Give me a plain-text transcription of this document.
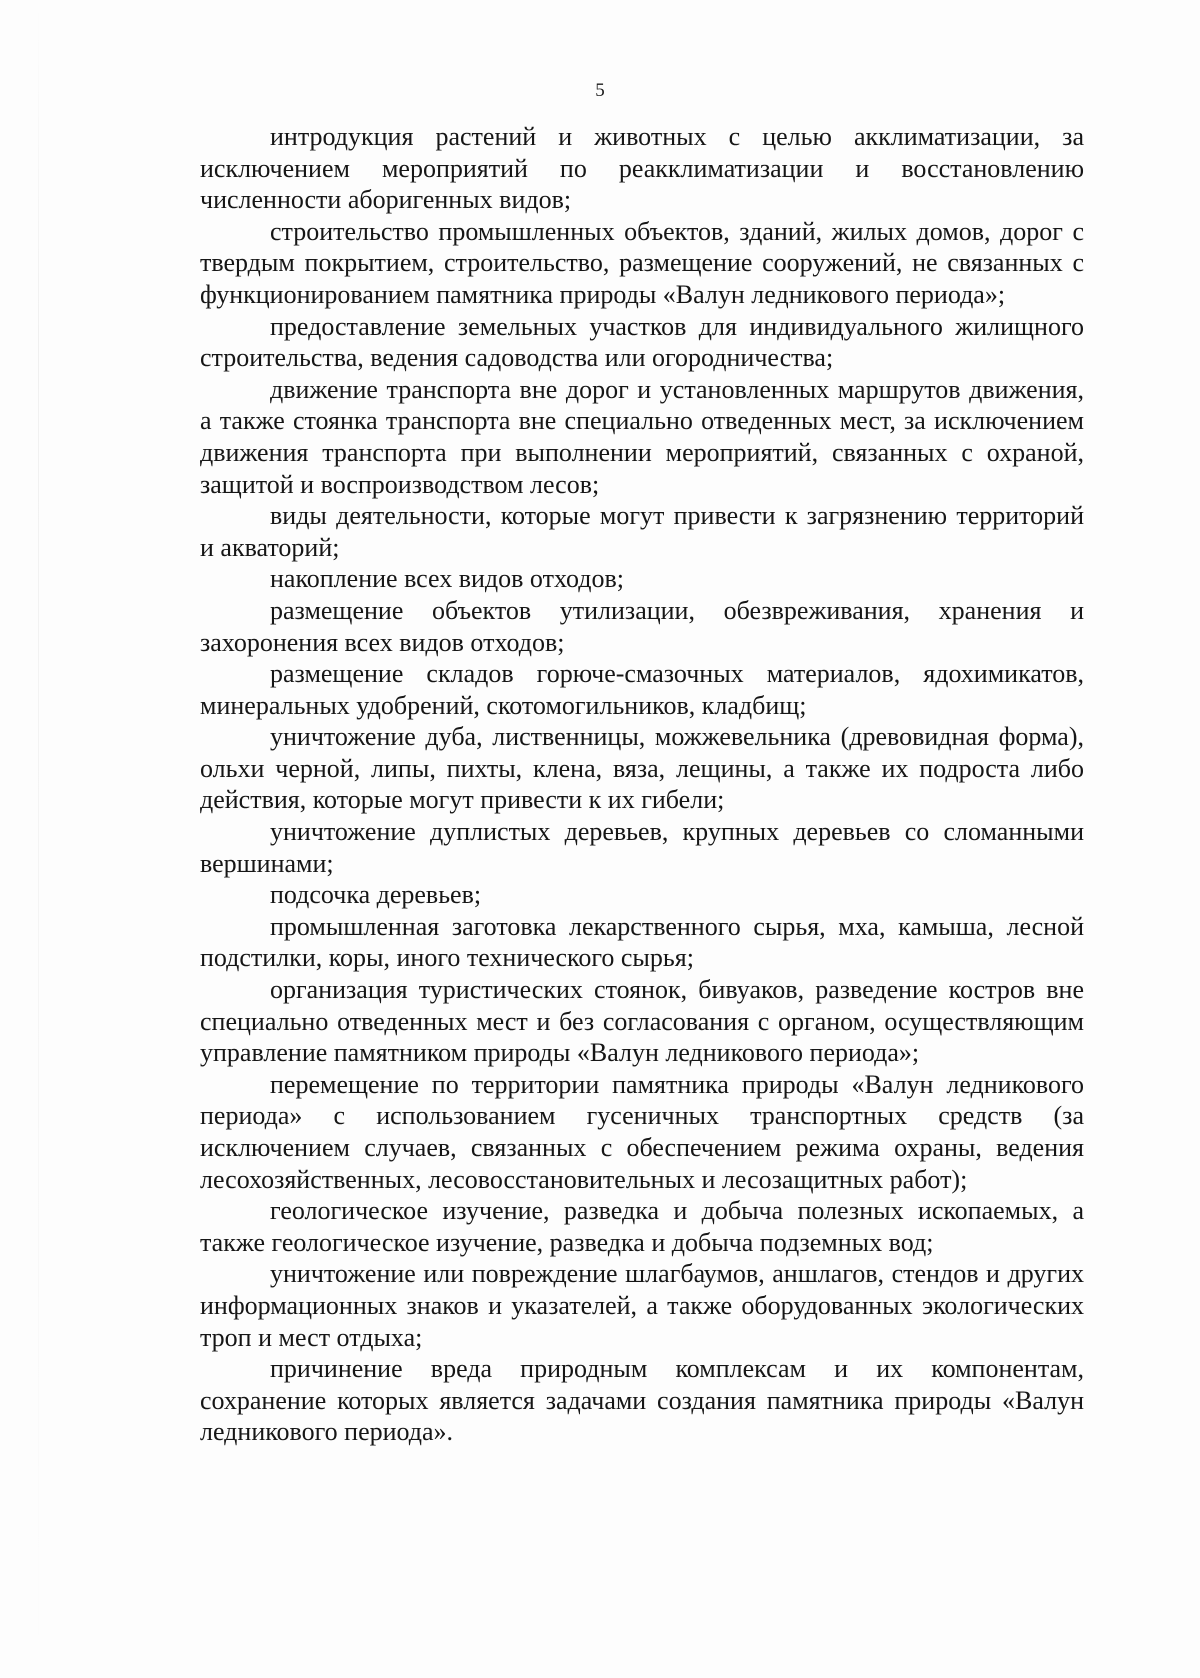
5

интродукция растений и животных с целью акклиматизации, за исключением мероприятий по реакклиматизации и восстановлению численности аборигенных видов;

строительство промышленных объектов, зданий, жилых домов, дорог с твердым покрытием, строительство, размещение сооружений, не связанных с функционированием памятника природы «Валун ледникового периода»;

предоставление земельных участков для индивидуального жилищного строительства, ведения садоводства или огородничества;

движение транспорта вне дорог и установленных маршрутов движения, а также стоянка транспорта вне специально отведенных мест, за исключением движения транспорта при выполнении мероприятий, связанных с охраной, защитой и воспроизводством лесов;

виды деятельности, которые могут привести к загрязнению территорий и акваторий;

накопление всех видов отходов;

размещение объектов утилизации, обезвреживания, хранения и захоронения всех видов отходов;

размещение складов горюче-смазочных материалов, ядохимикатов, минеральных удобрений, скотомогильников, кладбищ;

уничтожение дуба, лиственницы, можжевельника (древовидная форма), ольхи черной, липы, пихты, клена, вяза, лещины, а также их подроста либо действия, которые могут привести к их гибели;

уничтожение дуплистых деревьев, крупных деревьев со сломанными вершинами;

подсочка деревьев;

промышленная заготовка лекарственного сырья, мха, камыша, лесной подстилки, коры, иного технического сырья;

организация туристических стоянок, бивуаков, разведение костров вне специально отведенных мест и без согласования с органом, осуществляющим управление памятником природы «Валун ледникового периода»;

перемещение по территории памятника природы «Валун ледникового периода» с использованием гусеничных транспортных средств (за исключением случаев, связанных с обеспечением режима охраны, ведения лесохозяйственных, лесовосстановительных и лесозащитных работ);

геологическое изучение, разведка и добыча полезных ископаемых, а также геологическое изучение, разведка и добыча подземных вод;

уничтожение или повреждение шлагбаумов, аншлагов, стендов и других информационных знаков и указателей, а также оборудованных экологических троп и мест отдыха;

причинение вреда природным комплексам и их компонентам, сохранение которых является задачами создания памятника природы «Валун ледникового периода».
